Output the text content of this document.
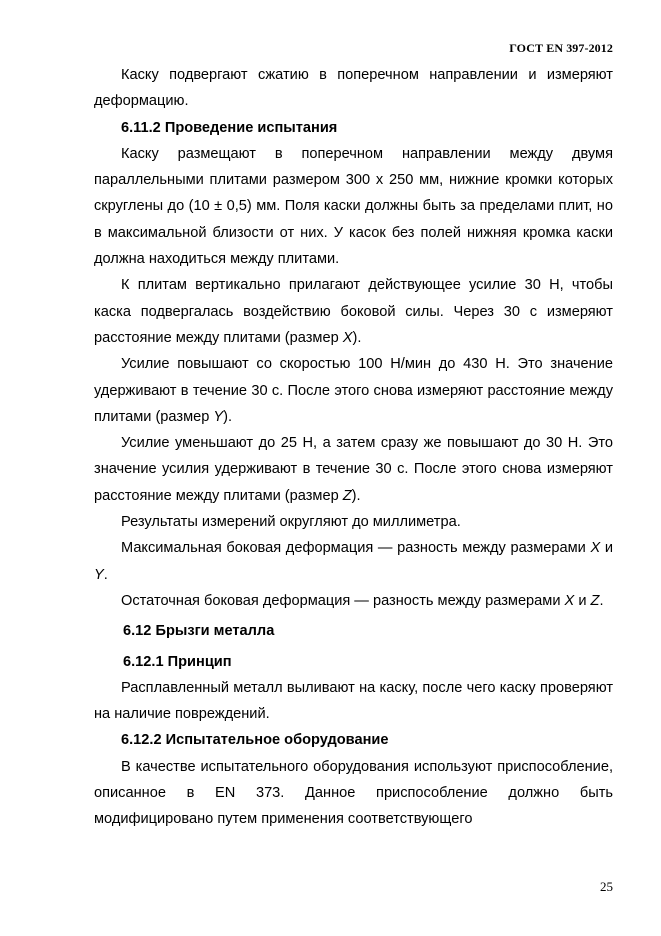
ГОСТ EN 397-2012

Каску подвергают сжатию в поперечном направлении и измеряют деформацию.

6.11.2 Проведение испытания

Каску размещают в поперечном направлении между двумя параллельными плитами размером 300 х 250 мм, нижние кромки которых скруглены до (10 ± 0,5) мм. Поля каски должны быть за пределами плит, но в максимальной близости от них. У касок без полей нижняя кромка каски должна находиться между плитами.

К плитам вертикально прилагают действующее усилие 30 Н, чтобы каска подвергалась воздействию боковой силы. Через 30 с измеряют расстояние между плитами (размер X).

Усилие повышают со скоростью 100 Н/мин до 430 Н. Это значение удерживают в течение 30 с. После этого снова измеряют расстояние между плитами (размер Y).

Усилие уменьшают до 25 Н, а затем сразу же повышают до 30 Н. Это значение усилия удерживают в течение 30 с. После этого снова измеряют расстояние между плитами (размер Z).

Результаты измерений округляют до миллиметра.

Максимальная боковая деформация — разность между размерами X и Y.

Остаточная боковая деформация — разность между размерами X и Z.

6.12 Брызги металла

6.12.1 Принцип

Расплавленный металл выливают на каску, после чего каску проверяют на наличие повреждений.

6.12.2 Испытательное оборудование

В качестве испытательного оборудования используют приспособление, описанное в EN 373. Данное приспособление должно быть модифицировано путем применения соответствующего

25
